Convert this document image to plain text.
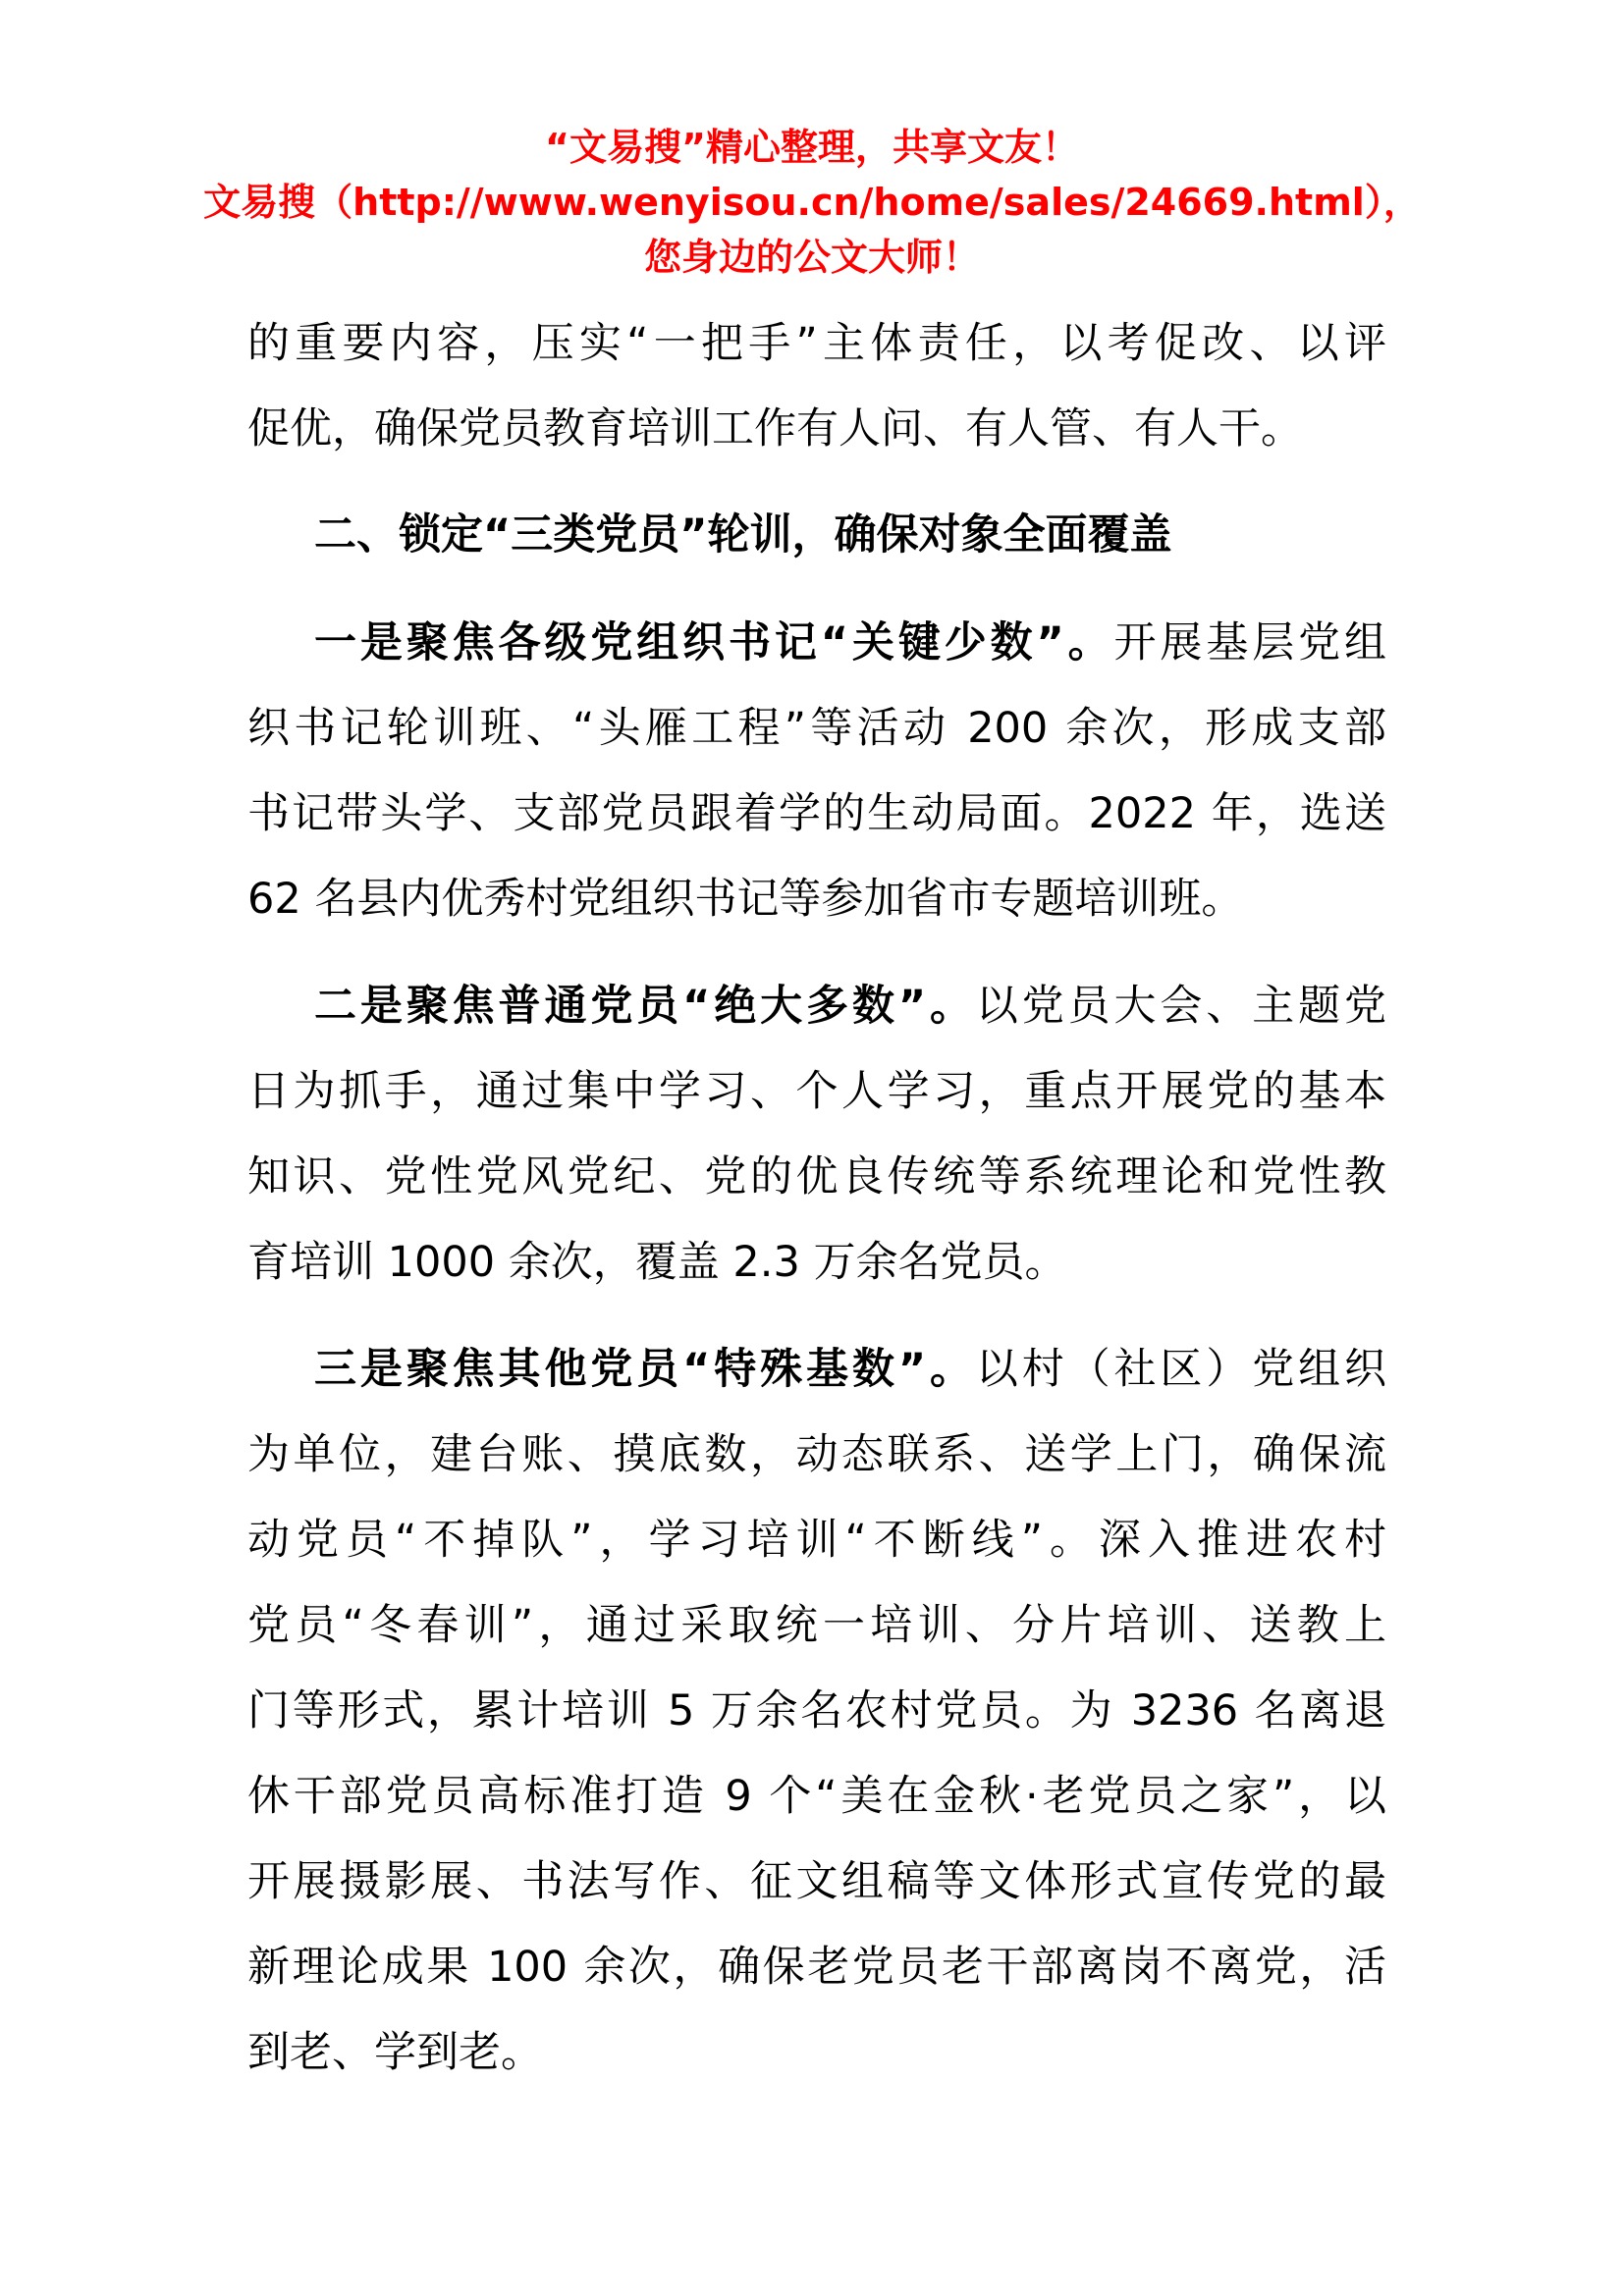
“文易搜”精心整理，共享文友！
文易搜（http://www.wenyisou.cn/home/sales/24669.html），
您身边的公文大师！
的重要内容，压实“一把手”主体责任，以考促改、以评
促优，确保党员教育培训工作有人问、有人管、有人干。
二、锁定“三类党员”轮训，确保对象全面覆盖
一是聚焦各级党组织书记“关键少数”。开展基层党组
织书记轮训班、“头雁工程”等活动 200 余次，形成支部
书记带头学、支部党员跟着学的生动局面。2022 年，选送
62 名县内优秀村党组织书记等参加省市专题培训班。
二是聚焦普通党员“绝大多数”。以党员大会、主题党
日为抓手，通过集中学习、个人学习，重点开展党的基本
知识、党性党风党纪、党的优良传统等系统理论和党性教
育培训 1000 余次，覆盖 2.3 万余名党员。
三是聚焦其他党员“特殊基数”。以村（社区）党组织
为单位，建台账、摸底数，动态联系、送学上门，确保流
动党员“不掉队”，学习培训“不断线”。深入推进农村
党员“冬春训”，通过采取统一培训、分片培训、送教上
门等形式，累计培训 5 万余名农村党员。为 3236 名离退
休干部党员高标准打造 9 个“美在金秋·老党员之家”，以
开展摄影展、书法写作、征文组稿等文体形式宣传党的最
新理论成果 100 余次，确保老党员老干部离岗不离党，活
到老、学到老。
